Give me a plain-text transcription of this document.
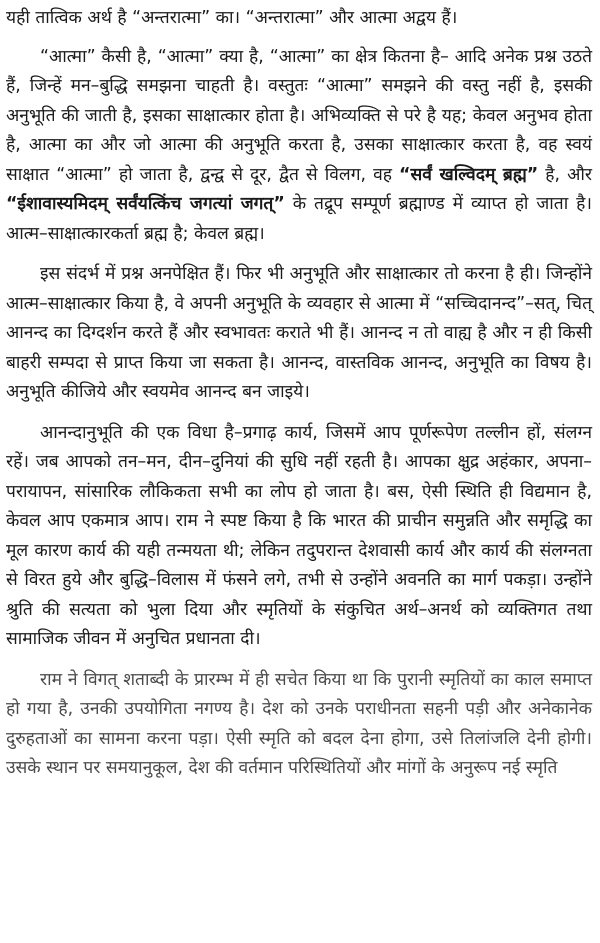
यही तात्विक अर्थ है “अन्तरात्मा” का। “अन्तरात्मा” और आत्मा अद्वय हैं।

“आत्मा” कैसी है, “आत्मा” क्या है, “आत्मा” का क्षेत्र कितना है– आदि अनेक प्रश्न उठते हैं, जिन्हें मन–बुद्धि समझना चाहती है। वस्तुतः “आत्मा” समझने की वस्तु नहीं है, इसकी अनुभूति की जाती है, इसका साक्षात्कार होता है। अभिव्यक्ति से परे है यह; केवल अनुभव होता है, आत्मा का और जो आत्मा की अनुभूति करता है, उसका साक्षात्कार करता है, वह स्वयं साक्षात “आत्मा” हो जाता है, द्वन्द्व से दूर, द्वैत से विलग, वह “सर्वं खल्विदम् ब्रह्म” है, और “ईशावास्यमिदम् सर्वंयत्किंच जगत्यां जगत्” के तद्रूप सम्पूर्ण ब्रह्माण्ड में व्याप्त हो जाता है। आत्म–साक्षात्कारकर्ता ब्रह्म है; केवल ब्रह्म।

इस संदर्भ में प्रश्न अनपेक्षित हैं। फिर भी अनुभूति और साक्षात्कार तो करना है ही। जिन्होंने आत्म–साक्षात्कार किया है, वे अपनी अनुभूति के व्यवहार से आत्मा में “सच्चिदानन्द”–सत्, चित् आनन्द का दिग्दर्शन करते हैं और स्वभावतः कराते भी हैं। आनन्द न तो वाह्य है और न ही किसी बाहरी सम्पदा से प्राप्त किया जा सकता है। आनन्द, वास्तविक आनन्द, अनुभूति का विषय है। अनुभूति कीजिये और स्वयमेव आनन्द बन जाइये।

आनन्दानुभूति की एक विधा है–प्रगाढ़ कार्य, जिसमें आप पूर्णरूपेण तल्लीन हों, संलग्न रहें। जब आपको तन–मन, दीन–दुनियां की सुधि नहीं रहती है। आपका क्षुद्र अहंकार, अपना–परायापन, सांसारिक लौकिकता सभी का लोप हो जाता है। बस, ऐसी स्थिति ही विद्यमान है, केवल आप एकमात्र आप। राम ने स्पष्ट किया है कि भारत की प्राचीन समुन्नति और समृद्धि का मूल कारण कार्य की यही तन्मयता थी; लेकिन तदुपरान्त देशवासी कार्य और कार्य की संलग्नता से विरत हुये और बुद्धि–विलास में फंसने लगे, तभी से उन्होंने अवनति का मार्ग पकड़ा। उन्होंने श्रुति की सत्यता को भुला दिया और स्मृतियों के संकुचित अर्थ–अनर्थ को व्यक्तिगत तथा सामाजिक जीवन में अनुचित प्रधानता दी।

राम ने विगत् शताब्दी के प्रारम्भ में ही सचेत किया था कि पुरानी स्मृतियों का काल समाप्त हो गया है, उनकी उपयोगिता नगण्य है। देश को उनके पराधीनता सहनी पड़ी और अनेकानेक दुरुहताओं का सामना करना पड़ा। ऐसी स्मृति को बदल देना होगा, उसे तिलांजलि देनी होगी। उसके स्थान पर समयानुकूल, देश की वर्तमान परिस्थितियों और मांगों के अनुरूप नई स्मृति
